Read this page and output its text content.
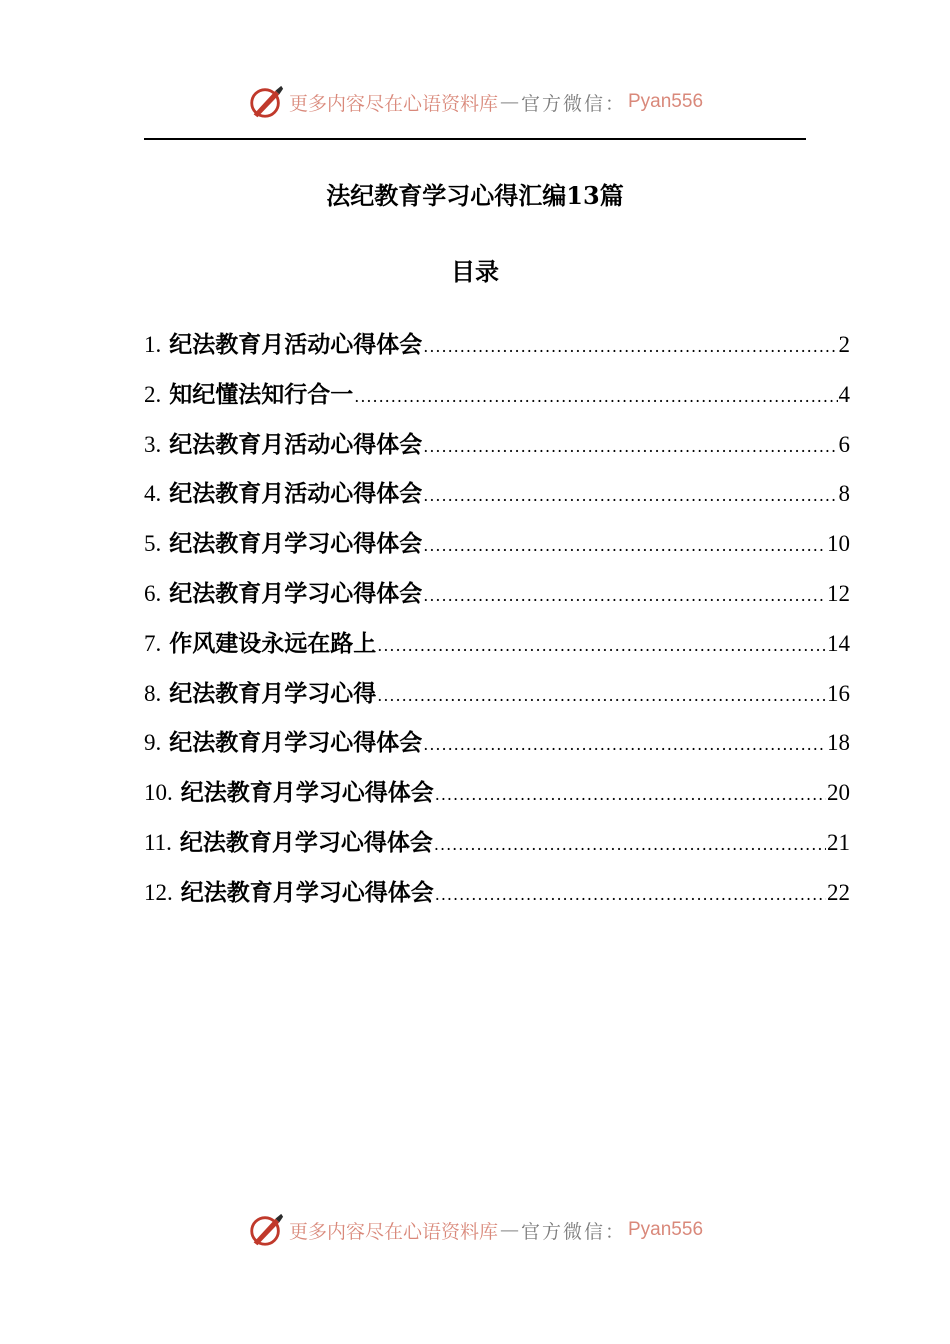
更多内容尽在心语资料库 — 官方微信： Pyan556
法纪教育学习心得汇编13篇
目录
1. 纪法教育月活动心得体会 .....	2
2. 知纪懂法知行合一 .....	4
3. 纪法教育月活动心得体会 .....	6
4. 纪法教育月活动心得体会 .....	8
5. 纪法教育月学习心得体会 .....	10
6. 纪法教育月学习心得体会 .....	12
7. 作风建设永远在路上 .....	14
8. 纪法教育月学习心得 .....	16
9. 纪法教育月学习心得体会 .....	18
10. 纪法教育月学习心得体会 .....	20
11. 纪法教育月学习心得体会 .....	21
12. 纪法教育月学习心得体会 .....	22
更多内容尽在心语资料库 — 官方微信： Pyan556
